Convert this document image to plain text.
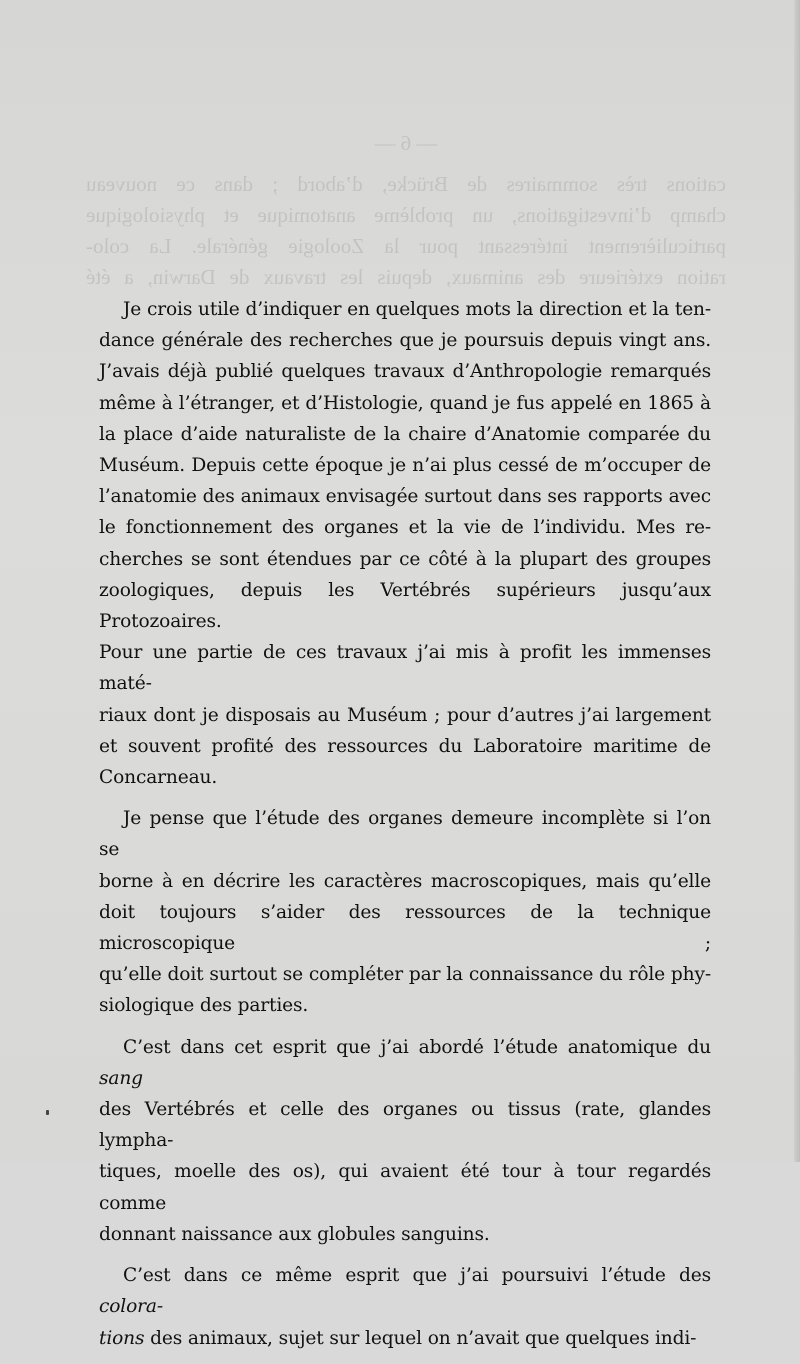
— 6 —

cations très sommaires de Brücke, d’abord ; dans ce nouveau

champ d’investigations, un problème anatomique et physiologique

particulièrement intéressant pour la Zoologie générale. La colo-

ration extérieure des animaux, depuis les travaux de Darwin, a été

Je crois utile d’indiquer en quelques mots la direction et la ten-
dance générale des recherches que je poursuis depuis vingt ans.
J’avais déjà publié quelques travaux d’Anthropologie remarqués
même à l’étranger, et d’Histologie, quand je fus appelé en 1865 à
la place d’aide naturaliste de la chaire d’Anatomie comparée du
Muséum. Depuis cette époque je n’ai plus cessé de m’occuper de
l’anatomie des animaux envisagée surtout dans ses rapports avec
le fonctionnement des organes et la vie de l’individu. Mes re-
cherches se sont étendues par ce côté à la plupart des groupes
zoologiques, depuis les Vertébrés supérieurs jusqu’aux Protozoaires.
Pour une partie de ces travaux j’ai mis à profit les immenses maté-
riaux dont je disposais au Muséum ; pour d’autres j’ai largement
et souvent profité des ressources du Laboratoire maritime de
Concarneau.
Je pense que l’étude des organes demeure incomplète si l’on se
borne à en décrire les caractères macroscopiques, mais qu’elle
doit toujours s’aider des ressources de la technique microscopique ;
qu’elle doit surtout se compléter par la connaissance du rôle phy-
siologique des parties.
C’est dans cet esprit que j’ai abordé l’étude anatomique du sang
des Vertébrés et celle des organes ou tissus (rate, glandes lympha-
tiques, moelle des os), qui avaient été tour à tour regardés comme
donnant naissance aux globules sanguins.
C’est dans ce même esprit que j’ai poursuivi l’étude des colora-
tions des animaux, sujet sur lequel on n’avait que quelques indi-
